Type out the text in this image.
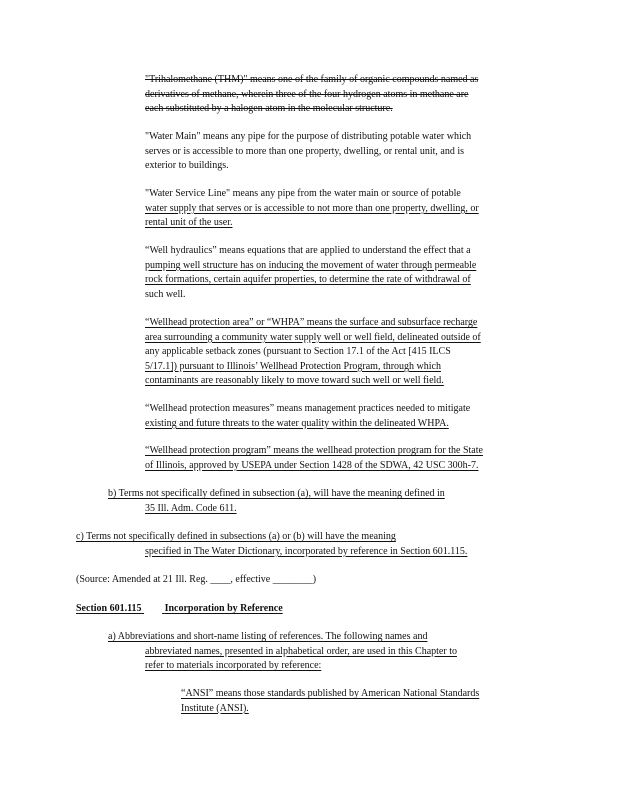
"Trihalomethane (THM)" means one of the family of organic compounds named as
derivatives of methane, wherein three of the four hydrogen atoms in methane are
each substituted by a halogen atom in the molecular structure.
"Water Main" means any pipe for the purpose of distributing potable water which
serves or is accessible to more than one property, dwelling, or rental unit, and is
exterior to buildings.
"Water Service Line" means any pipe from the water main or source of potable
water supply that serves or is accessible to not more than one property, dwelling, or
rental unit of the user.
“Well hydraulics” means equations that are applied to understand the effect that a
pumping well structure has on inducing the movement of water through permeable
rock formations, certain aquifer properties, to determine the rate of withdrawal of
such well.
“Wellhead protection area” or “WHPA” means the surface and subsurface recharge
area surrounding a community water supply well or well field, delineated outside of
any applicable setback zones (pursuant to Section 17.1 of the Act [415 ILCS
5/17.1]) pursuant to Illinois’ Wellhead Protection Program, through which
contaminants are reasonably likely to move toward such well or well field.
“Wellhead protection measures” means management practices needed to mitigate
existing and future threats to the water quality within the delineated WHPA.
“Wellhead protection program” means the wellhead protection program for the State
of Illinois, approved by USEPA under Section 1428 of the SDWA, 42 USC 300h-7.
b) Terms not specifically defined in subsection (a), will have the meaning defined in
35 Ill. Adm. Code 611.
c) Terms not specifically defined in subsections (a) or (b) will have the meaning
specified in The Water Dictionary, incorporated by reference in Section 601.115.
(Source: Amended at 21 Ill. Reg. ____, effective ________)
Section 601.115 Incorporation by Reference
a) Abbreviations and short-name listing of references. The following names and
abbreviated names, presented in alphabetical order, are used in this Chapter to
refer to materials incorporated by reference:
“ANSI” means those standards published by American National Standards
Institute (ANSI).
